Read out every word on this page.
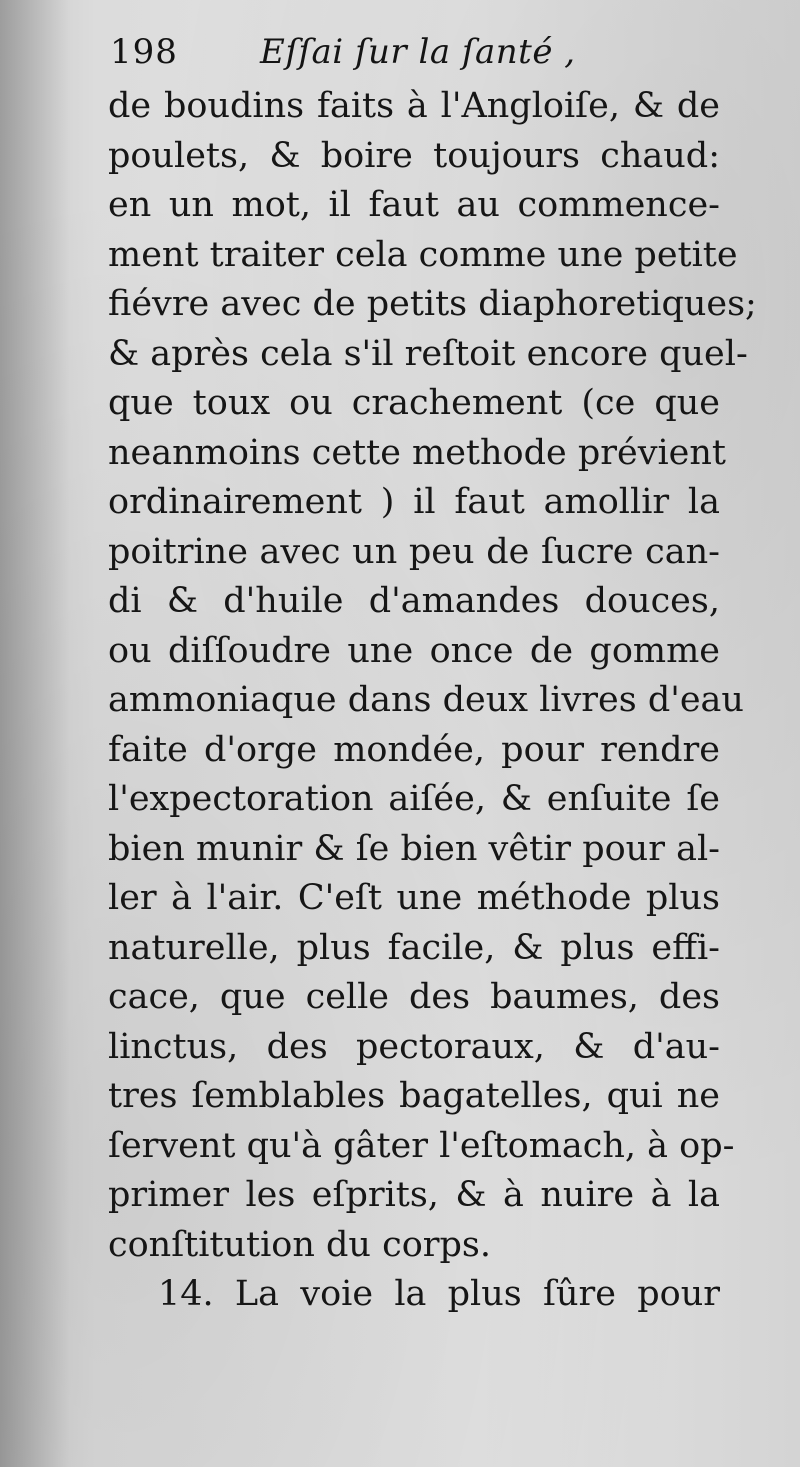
198 Eſſai ſur la ſanté ,
de boudins faits à l'Angloiſe, & de
poulets, & boire toujours chaud:
en un mot, il faut au commence-
ment traiter cela comme une petite
fiévre avec de petits diaphoretiques;
& après cela s'il reſtoit encore quel-
que toux ou crachement (ce que
neanmoins cette methode prévient
ordinairement ) il faut amollir la
poitrine avec un peu de ſucre can-
di & d'huile d'amandes douces,
ou diſſoudre une once de gomme
ammoniaque dans deux livres d'eau
faite d'orge mondée, pour rendre
l'expectoration aiſée, & enſuite ſe
bien munir & ſe bien vêtir pour al-
ler à l'air. C'eſt une méthode plus
naturelle, plus facile, & plus effi-
cace, que celle des baumes, des
linctus, des pectoraux, & d'au-
tres ſemblables bagatelles, qui ne
ſervent qu'à gâter l'eſtomach, à op-
primer les eſprits, & à nuire à la
conſtitution du corps.
14. La voie la plus ſûre pour
